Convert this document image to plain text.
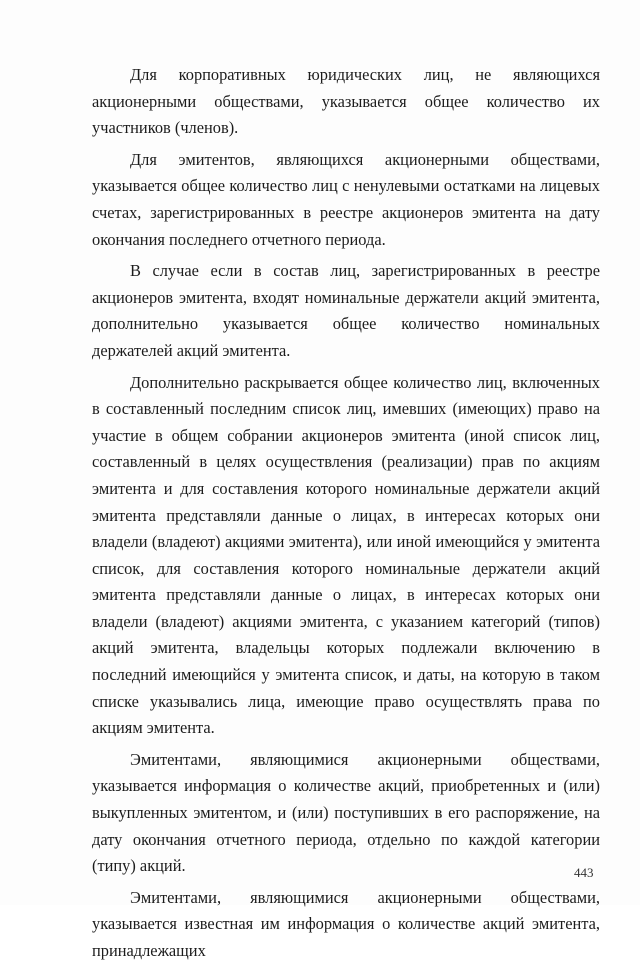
Для корпоративных юридических лиц, не являющихся акционерными обществами, указывается общее количество их участников (членов).

Для эмитентов, являющихся акционерными обществами, указывается общее количество лиц с ненулевыми остатками на лицевых счетах, зарегистрированных в реестре акционеров эмитента на дату окончания последнего отчетного периода.

В случае если в состав лиц, зарегистрированных в реестре акционеров эмитента, входят номинальные держатели акций эмитента, дополнительно указывается общее количество номинальных держателей акций эмитента.

Дополнительно раскрывается общее количество лиц, включенных в составленный последним список лиц, имевших (имеющих) право на участие в общем собрании акционеров эмитента (иной список лиц, составленный в целях осуществления (реализации) прав по акциям эмитента и для составления которого номинальные держатели акций эмитента представляли данные о лицах, в интересах которых они владели (владеют) акциями эмитента), или иной имеющийся у эмитента список, для составления которого номинальные держатели акций эмитента представляли данные о лицах, в интересах которых они владели (владеют) акциями эмитента, с указанием категорий (типов) акций эмитента, владельцы которых подлежали включению в последний имеющийся у эмитента список, и даты, на которую в таком списке указывались лица, имеющие право осуществлять права по акциям эмитента.

Эмитентами, являющимися акционерными обществами, указывается информация о количестве акций, приобретенных и (или) выкупленных эмитентом, и (или) поступивших в его распоряжение, на дату окончания отчетного периода, отдельно по каждой категории (типу) акций.

Эмитентами, являющимися акционерными обществами, указывается известная им информация о количестве акций эмитента, принадлежащих

443
